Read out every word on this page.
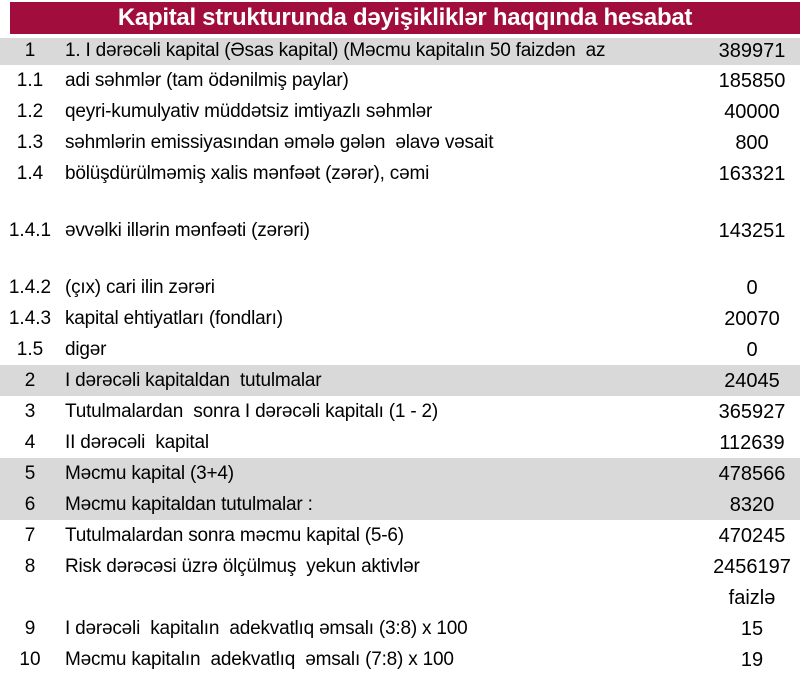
Kapital strukturunda dəyişikliklər haqqında hesabat
1	1. I dərəcəli kapital (Əsas kapital) (Məcmu kapitalın 50 faizdən  az	389971
1.1	adi səhmlər (tam ödənilmiş paylar)	185850
1.2	qeyri-kumulyativ müddətsiz imtiyazlı səhmlər	40000
1.3	səhmlərin emissiyasından əmələ gələn  əlavə vəsait	800
1.4	bölüşdürülməmiş xalis mənfəət (zərər), cəmi	163321
1.4.1 əvvəlki illərin mənfəəti (zərəri)	143251
1.4.2 (çıx) cari ilin zərəri	0
1.4.3 kapital ehtiyatları (fondları)	20070
1.5	digər	0
2	I dərəcəli kapitaldan  tutulmalar	24045
3	Tutulmalardan  sonra I dərəcəli kapitalı (1 - 2)	365927
4	II dərəcəli  kapital	112639
5	Məcmu kapital (3+4)	478566
6	Məcmu kapitaldan tutulmalar :	8320
7	Tutulmalardan sonra məcmu kapital (5-6)	470245
8	Risk dərəcəsi üzrə ölçülmuş  yekun aktivlər	2456197
faizlə
9	I dərəcəli  kapitalın  adekvatlıq əmsalı (3:8) x 100	15
10	Məcmu kapitalın  adekvatlıq  əmsalı (7:8) x 100	19
